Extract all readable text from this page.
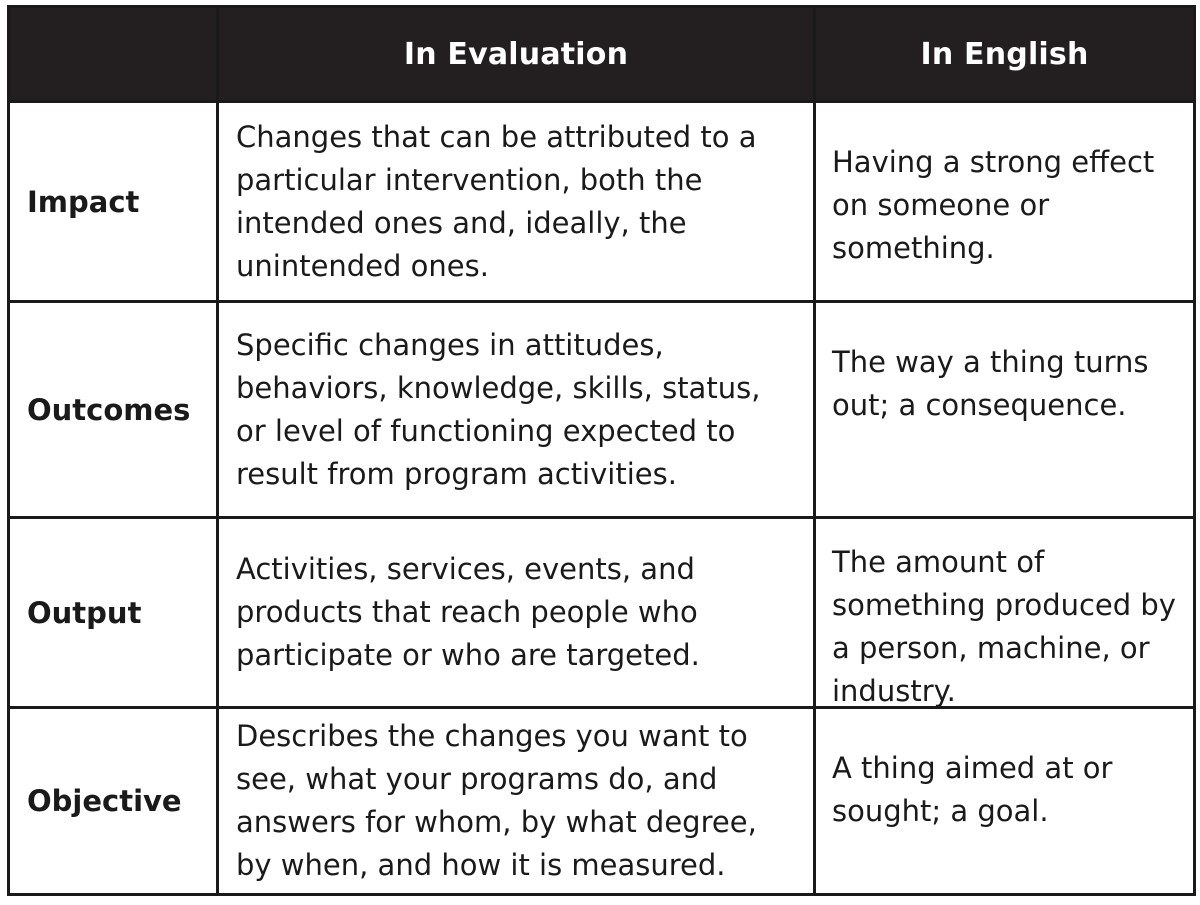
In Evaluation	In English
Impact
Changes that can be attributed to a particular intervention, both the intended ones and, ideally, the unintended ones.
Having a strong effect on someone or something.
Outcomes
Specific changes in attitudes, behaviors, knowledge, skills, status, or level of functioning expected to result from program activities.
The way a thing turns out; a consequence.
Output
Activities, services, events, and products that reach people who participate or who are targeted.
The amount of something produced by a person, machine, or industry.
Objective
Describes the changes you want to see, what your programs do, and answers for whom, by what degree, by when, and how it is measured.
A thing aimed at or sought; a goal.
